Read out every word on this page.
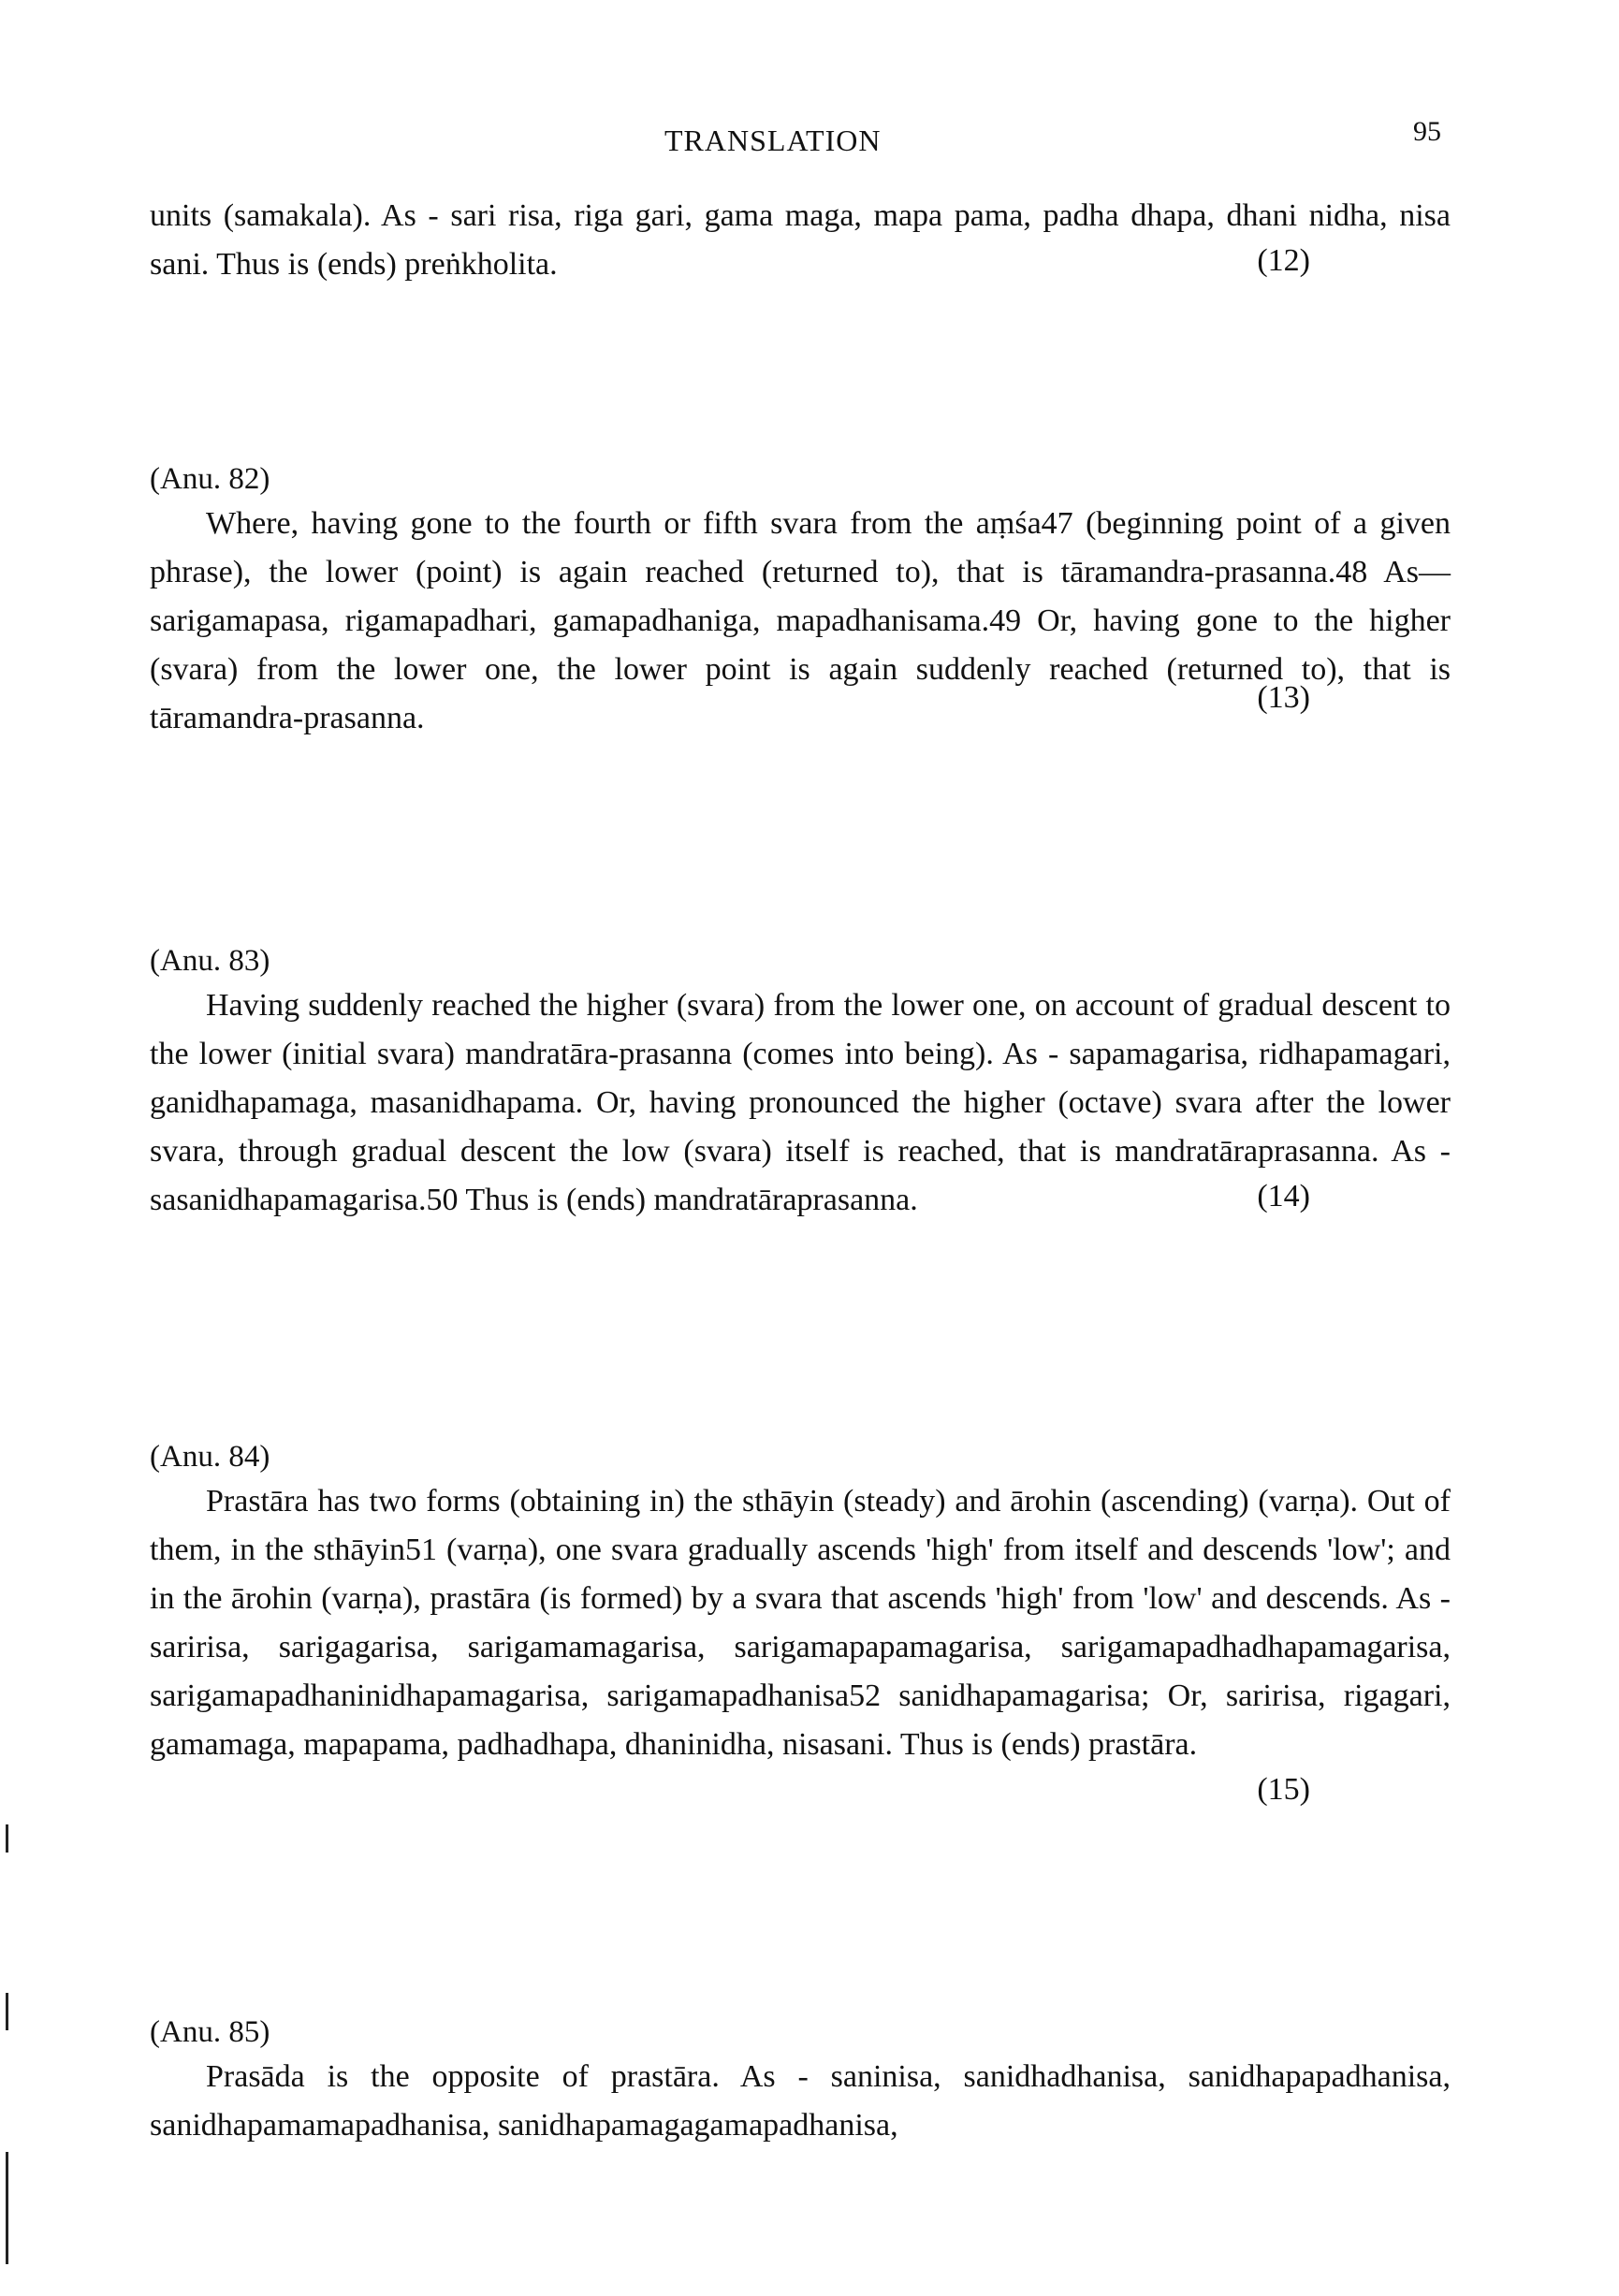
TRANSLATION	95

units (samakala). As - sari risa, riga gari, gama maga, mapa pama, padha dhapa, dhani nidha, nisa sani. Thus is (ends) preṅkholita.	(12)

(Anu. 82)

Where, having gone to the fourth or fifth svara from the aṃśa47 (beginning point of a given phrase), the lower (point) is again reached (returned to), that is tāramandra-prasanna.48 As—sarigamapasa, rigamapadhari, gamapadhaniga, mapadhanisama.49 Or, having gone to the higher (svara) from the lower one, the lower point is again suddenly reached (returned to), that is tāramandra-prasanna.

(13)

(Anu. 83)

Having suddenly reached the higher (svara) from the lower one, on account of gradual descent to the lower (initial svara) mandratāra-prasanna (comes into being). As - sapamagarisa, ridhapamagari, ganidhapamaga, masanidhapama. Or, having pronounced the higher (octave) svara after the lower svara, through gradual descent the low (svara) itself is reached, that is mandratāraprasanna. As - sasanidhapamagarisa.50 Thus is (ends) mandratāraprasanna.	(14)

(Anu. 84)

Prastāra has two forms (obtaining in) the sthāyin (steady) and ārohin (ascending) (varṇa). Out of them, in the sthāyin51 (varṇa), one svara gradually ascends 'high' from itself and descends 'low'; and in the ārohin (varṇa), prastāra (is formed) by a svara that ascends 'high' from 'low' and descends. As - saririsa, sarigagarisa, sarigamamagarisa, sarigamapapamagarisa, sarigamapadhadhapamagarisa, sarigamapadhaninidhapamagarisa, sarigamapadhanisa52 sanidhapamagarisa; Or, saririsa, rigagari, gamamaga, mapapama, padhadhapa, dhaninidha, nisasani. Thus is (ends) prastāra.

(15)

(Anu. 85)

Prasāda is the opposite of prastāra. As - saninisa, sanidhadhanisa, sanidhapapadhanisa, sanidhapamamapadhanisa, sanidhapamagagamapadhanisa,
